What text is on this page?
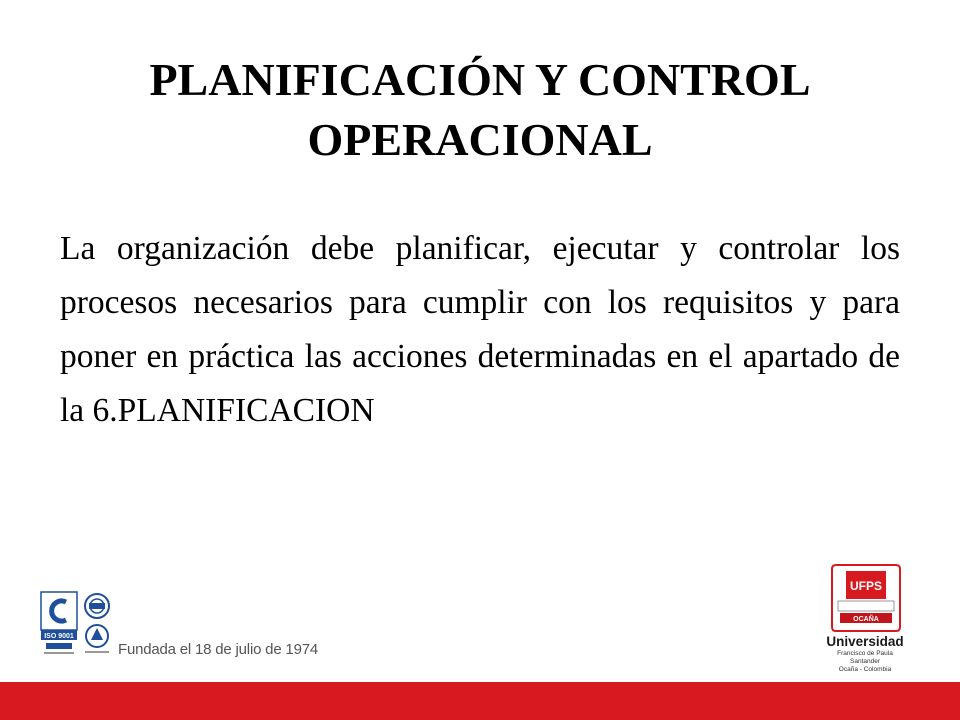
PLANIFICACIÓN Y CONTROL OPERACIONAL
La organización debe planificar, ejecutar y controlar los procesos necesarios para cumplir con los requisitos y para poner en práctica las acciones determinadas en el apartado de la 6.PLANIFICACION
ISO 9001
Fundada el 18 de julio de 1974
UFPS
OCAÑA
Universidad
Francisco de Paula Santander
Ocaña - Colombia
